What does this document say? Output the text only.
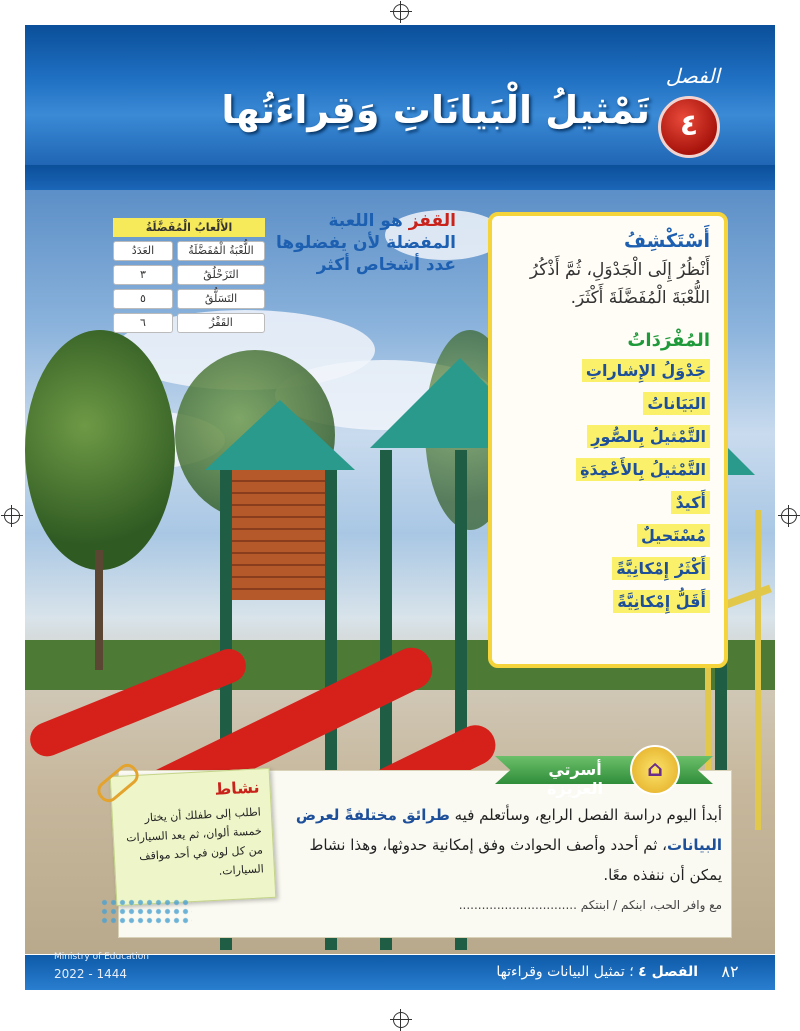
الفصل
٤
تَمْثيلُ الْبَيانَاتِ وَقِراءَتُها
القفز هو اللعبة المفضلة لأن يفضلوها عدد أشخاص أكثر
الأَلْعابُ الْمُفَضَّلَةُ
اللُّعْبَةُ الْمُفَضَّلَةُ
العَدَدُ
التَزَحْلُقُ
٣
التَسَلُّقُ
٥
القَفْزُ
٦
أَسْتَكْشِفُ
أَنْظُرُ إِلَى الْجَدْوَلِ، ثُمَّ أَذْكُرُ اللُّعْبَةَ الْمُفَضَّلَةَ أَكْثَرَ.
المُفْرَدَاتُ
جَدْوَلُ الإِشاراتِ
البَيَاناتُ
التَّمْثيلُ بِالصُّورِ
التَّمْثيلُ بِالأَعْمِدَةِ
أَكيدٌ
مُسْتَحيلٌ
أَكْثَرُ إِمْكانِيَّةً
أَقَلُّ إِمْكانِيَّةً
أسرتي العزيزة
⌂
أبدأ اليوم دراسة الفصل الرابع، وسأتعلم فيه طرائق مختلفةً لعرض البيانات، ثم أحدد وأصف الحوادث وفق إمكانية حدوثها، وهذا نشاط يمكن أن ننفذه معًا.
مع وافر الحب، ابنكم / ابنتكم ...............................
نشاط
اطلب إلى طفلك أن يختار خمسة ألوان، ثم يعد السيارات من كل لون في أحد مواقف السيارات.
Ministry of Education
2022 - 1444	الفصل ٤ ؛ تمثيل البيانات وقراءتها	٨٢
